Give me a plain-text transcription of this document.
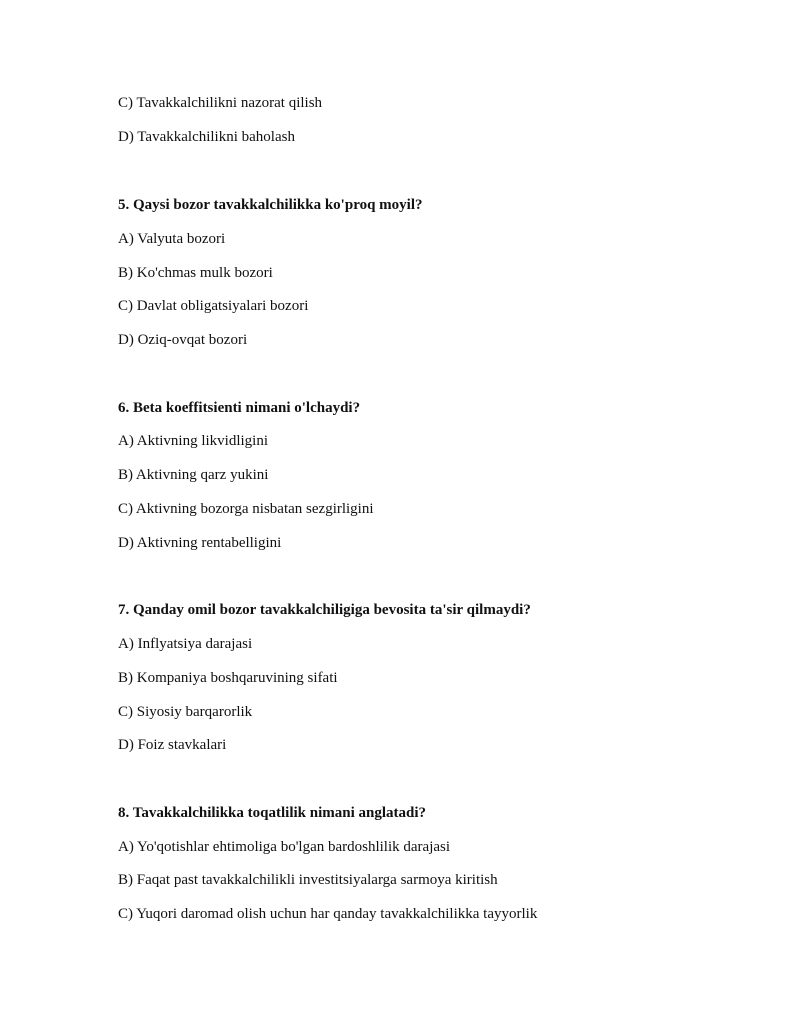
C) Tavakkalchilikni nazorat qilish
D) Tavakkalchilikni baholash
5. Qaysi bozor tavakkalchilikka ko'proq moyil?
A) Valyuta bozori
B) Ko'chmas mulk bozori
C) Davlat obligatsiyalari bozori
D) Oziq-ovqat bozori
6. Beta koeffitsienti nimani o'lchaydi?
A) Aktivning likvidligini
B) Aktivning qarz yukini
C) Aktivning bozorga nisbatan sezgirligini
D) Aktivning rentabelligini
7. Qanday omil bozor tavakkalchiligiga bevosita ta'sir qilmaydi?
A) Inflyatsiya darajasi
B) Kompaniya boshqaruvining sifati
C) Siyosiy barqarorlik
D) Foiz stavkalari
8. Tavakkalchilikka toqatlilik nimani anglatadi?
A) Yo'qotishlar ehtimoliga bo'lgan bardoshlilik darajasi
B) Faqat past tavakkalchilikli investitsiyalarga sarmoya kiritish
C) Yuqori daromad olish uchun har qanday tavakkalchilikka tayyorlik
